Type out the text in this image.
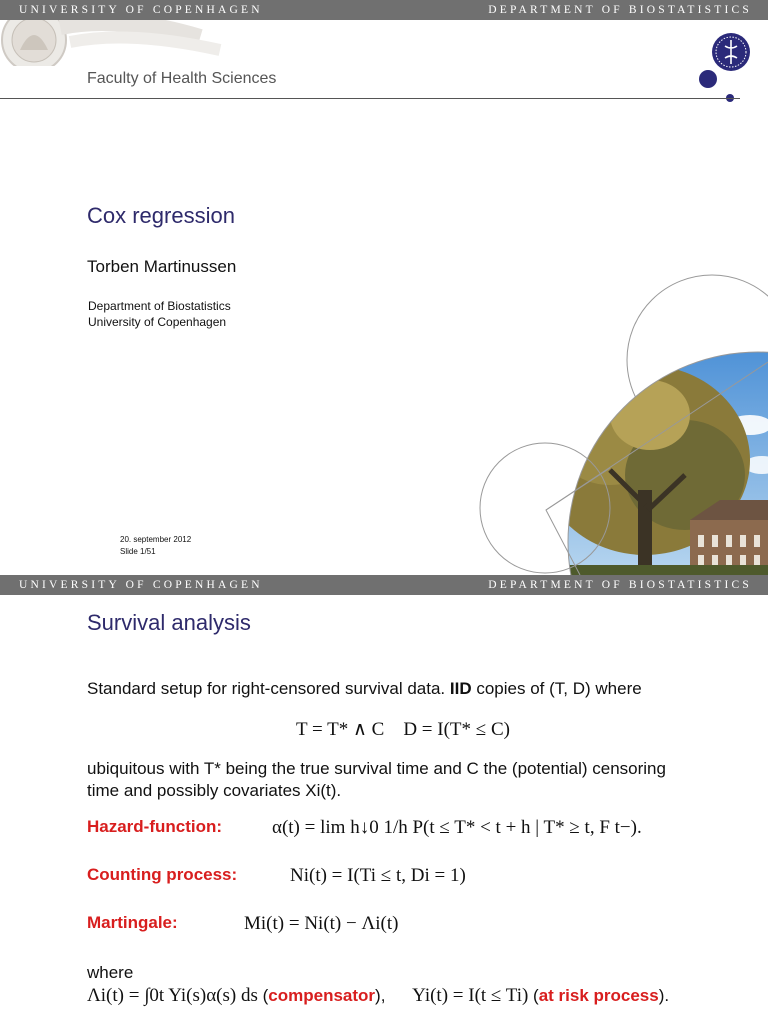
UNIVERSITY OF COPENHAGEN	DEPARTMENT OF BIOSTATISTICS
Faculty of Health Sciences
Cox regression
Torben Martinussen
Department of Biostatistics
University of Copenhagen
20. september 2012
Slide 1/51
UNIVERSITY OF COPENHAGEN	DEPARTMENT OF BIOSTATISTICS
Survival analysis
Standard setup for right-censored survival data. IID copies of (T, D) where
T = T* ∧ C    D = I(T* ≤ C)
ubiquitous with T* being the true survival time and C the (potential) censoring
time and possibly covariates Xi(t).
Hazard-function:	α(t) = lim h↓0 1/h P(t ≤ T* < t + h | T* ≥ t, F t−).
Counting process:	Ni(t) = I(Ti ≤ t, Di = 1)
Martingale:	Mi(t) = Ni(t) − Λi(t)
where
Λi(t) = ∫0t Yi(s)α(s) ds (compensator), Yi(t) = I(t ≤ Ti) (at risk process).
